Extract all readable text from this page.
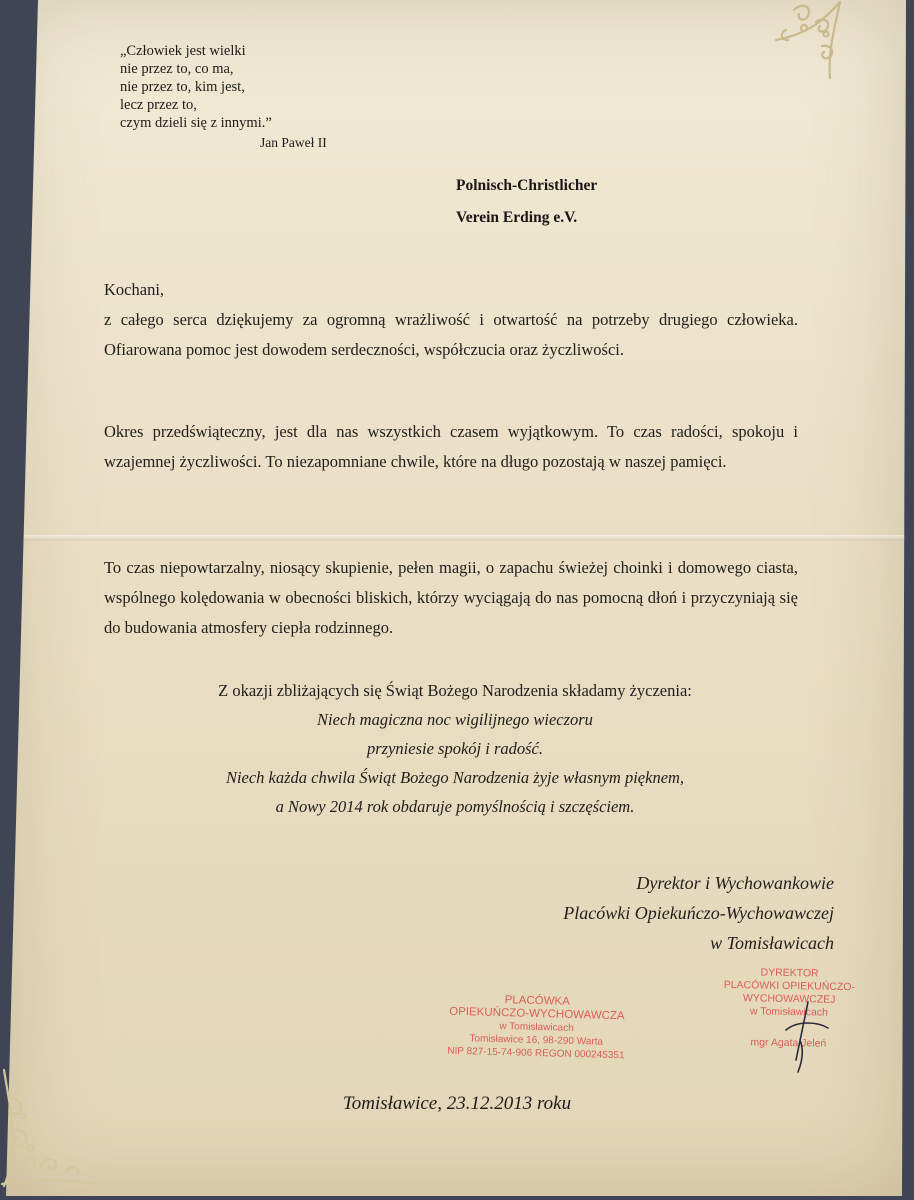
„Człowiek jest wielki
nie przez to, co ma,
nie przez to, kim jest,
lecz przez to,
czym dzieli się z innymi.”
Jan Paweł II
Polnisch-Christlicher
Verein Erding e.V.
Kochani,

z całego serca dziękujemy za ogromną wrażliwość i otwartość na potrzeby drugiego człowieka. Ofiarowana pomoc jest dowodem serdeczności, współczucia oraz życzliwości.

Okres przedświąteczny, jest dla nas wszystkich czasem wyjątkowym. To czas radości, spokoju i wzajemnej życzliwości. To niezapomniane chwile, które na długo pozostają w naszej pamięci.

To czas niepowtarzalny, niosący skupienie, pełen magii, o zapachu świeżej choinki i domowego ciasta, wspólnego kolędowania w obecności bliskich, którzy wyciągają do nas pomocną dłoń i przyczyniają się do budowania atmosfery ciepła rodzinnego.

Z okazji zbliżających się Świąt Bożego Narodzenia składamy życzenia:
Niech magiczna noc wigilijnego wieczoru
przyniesie spokój i radość.
Niech każda chwila Świąt Bożego Narodzenia żyje własnym pięknem,
a Nowy 2014 rok obdaruje pomyślnością i szczęściem.
Dyrektor i Wychowankowie
Placówki Opiekuńczo-Wychowawczej
w Tomisławicach
PLACÓWKA
OPIEKUŃCZO-WYCHOWAWCZA
w Tomisławicach
Tomisławice 16, 98-290 Warta
NIP 827-15-74-906 REGON 000245351
DYREKTOR
PLACÓWKI OPIEKUŃCZO-WYCHOWAWCZEJ
w Tomisławicach
mgr Agata Jeleń
Tomisławice, 23.12.2013 roku
